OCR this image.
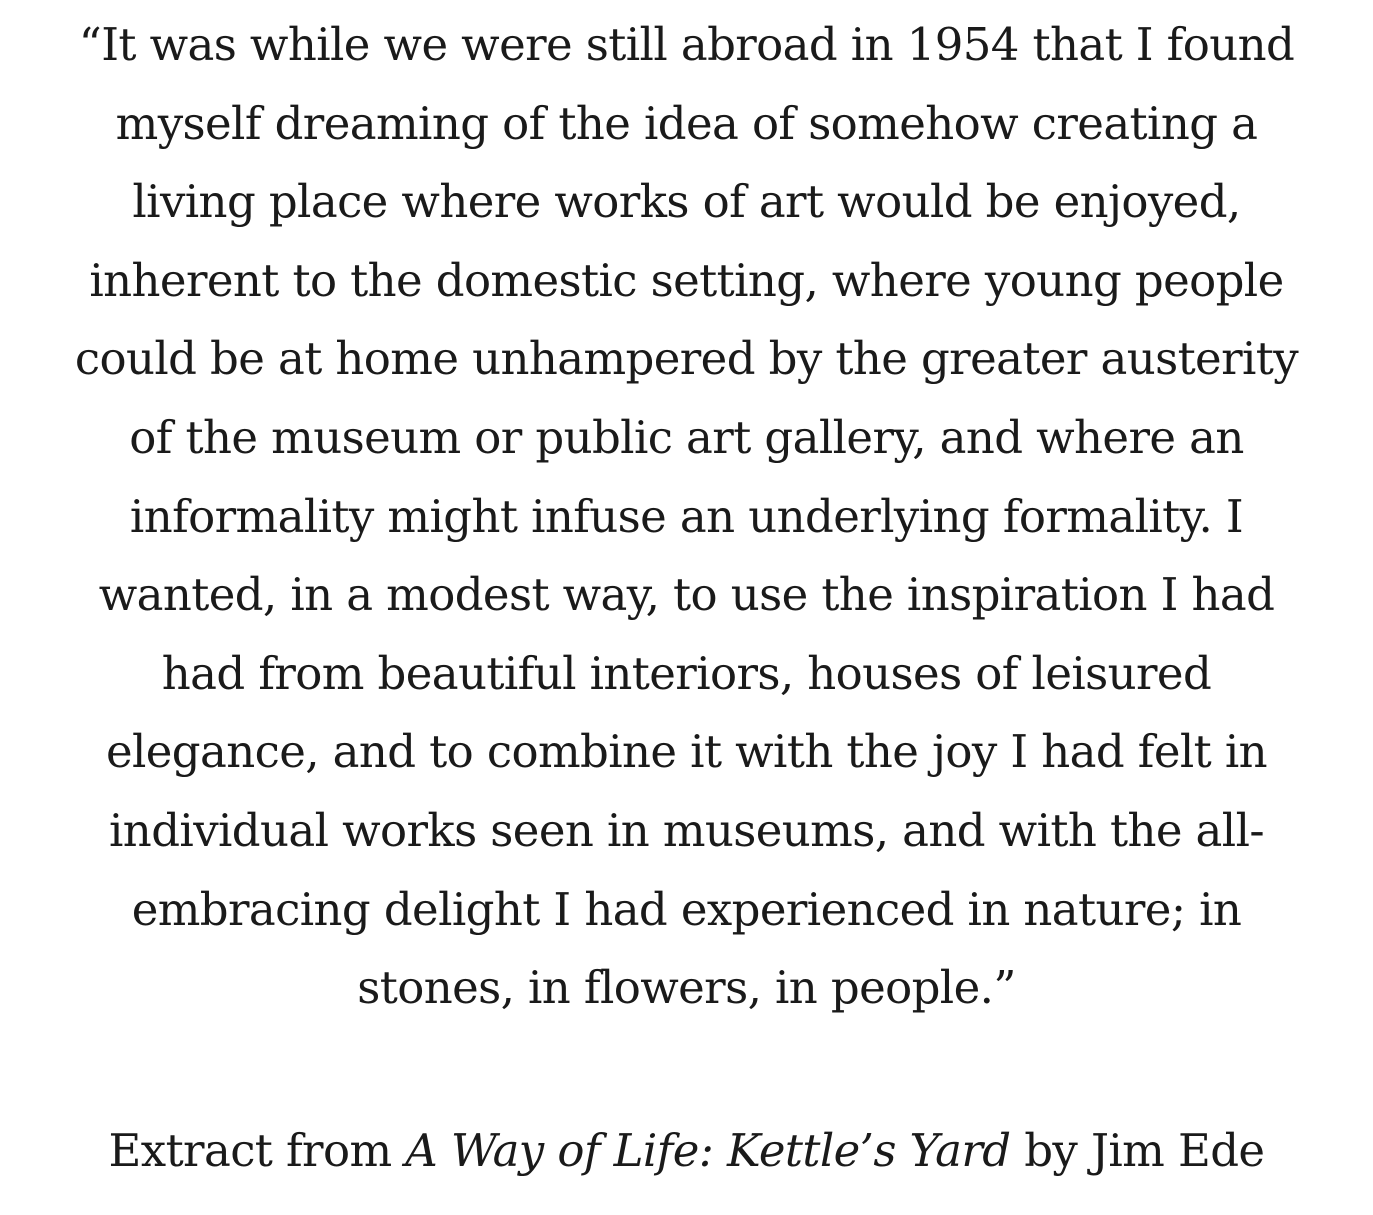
“It was while we were still abroad in 1954 that I found
myself dreaming of the idea of somehow creating a
living place where works of art would be enjoyed,
inherent to the domestic setting, where young people
could be at home unhampered by the greater austerity
of the museum or public art gallery, and where an
informality might infuse an underlying formality. I
wanted, in a modest way, to use the inspiration I had
had from beautiful interiors, houses of leisured
elegance, and to combine it with the joy I had felt in
individual works seen in museums, and with the all-
embracing delight I had experienced in nature; in
stones, in flowers, in people.”
Extract from A Way of Life: Kettle’s Yard by Jim Ede
